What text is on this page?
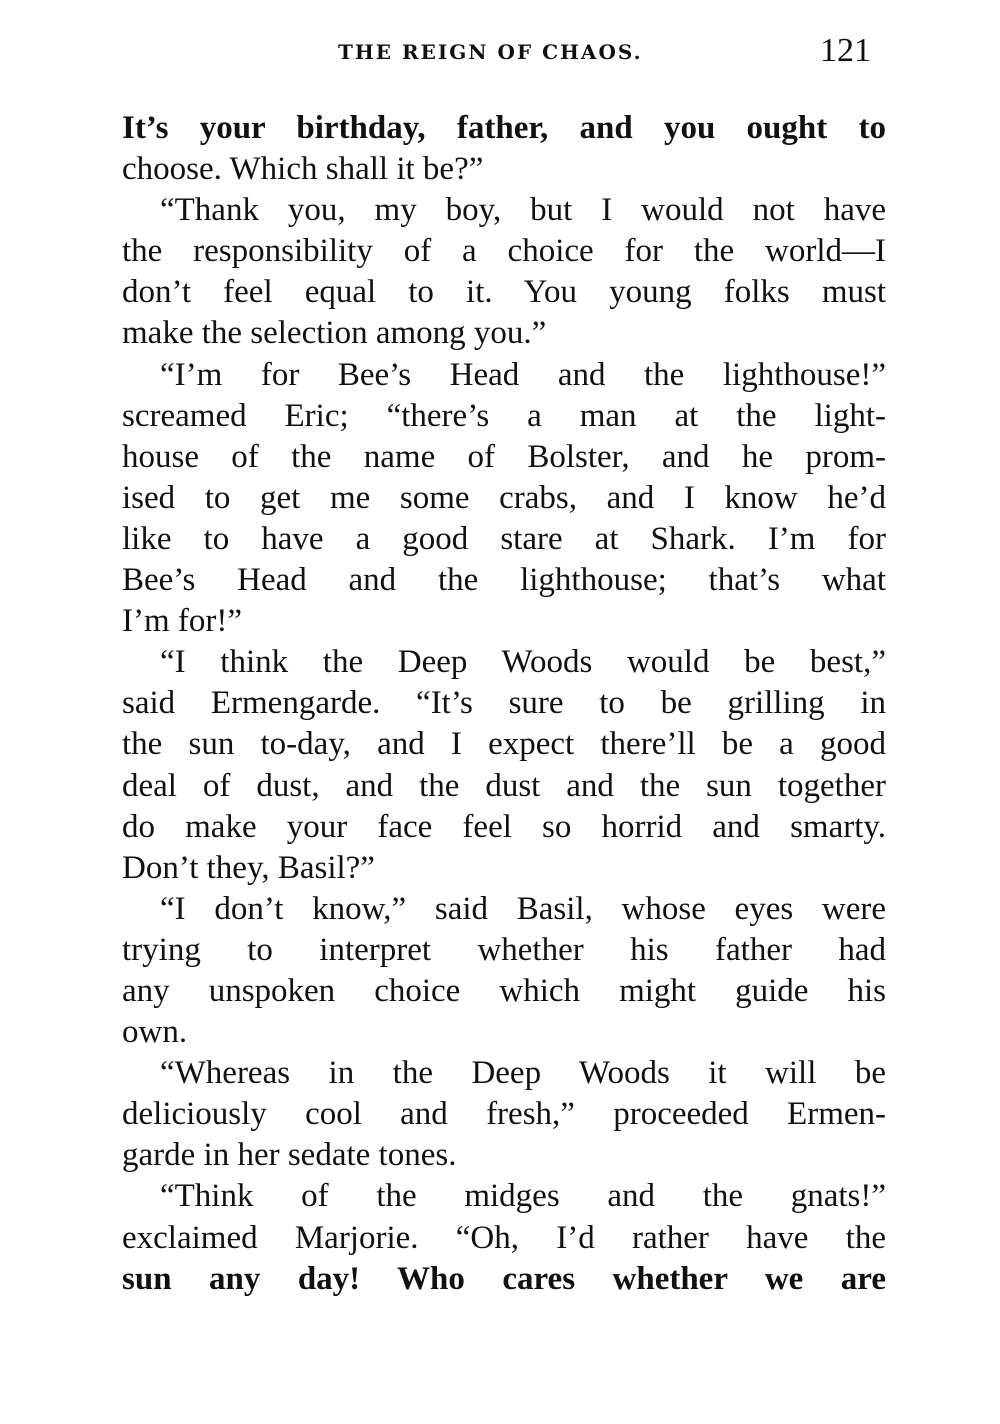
THE REIGN OF CHAOS.	121
It’s your birthday, father, and you ought to
choose. Which shall it be?”
“Thank you, my boy, but I would not have
the responsibility of a choice for the world—I
don’t feel equal to it. You young folks must
make the selection among you.”
“I’m for Bee’s Head and the lighthouse!”
screamed Eric; “there’s a man at the light-
house of the name of Bolster, and he prom-
ised to get me some crabs, and I know he’d
like to have a good stare at Shark. I’m for
Bee’s Head and the lighthouse; that’s what
I’m for!”
“I think the Deep Woods would be best,”
said Ermengarde. “It’s sure to be grilling in
the sun to-day, and I expect there’ll be a good
deal of dust, and the dust and the sun together
do make your face feel so horrid and smarty.
Don’t they, Basil?”
“I don’t know,” said Basil, whose eyes were
trying to interpret whether his father had
any unspoken choice which might guide his
own.
“Whereas in the Deep Woods it will be
deliciously cool and fresh,” proceeded Ermen-
garde in her sedate tones.
“Think of the midges and the gnats!”
exclaimed Marjorie. “Oh, I’d rather have the
sun any day! Who cares whether we are
